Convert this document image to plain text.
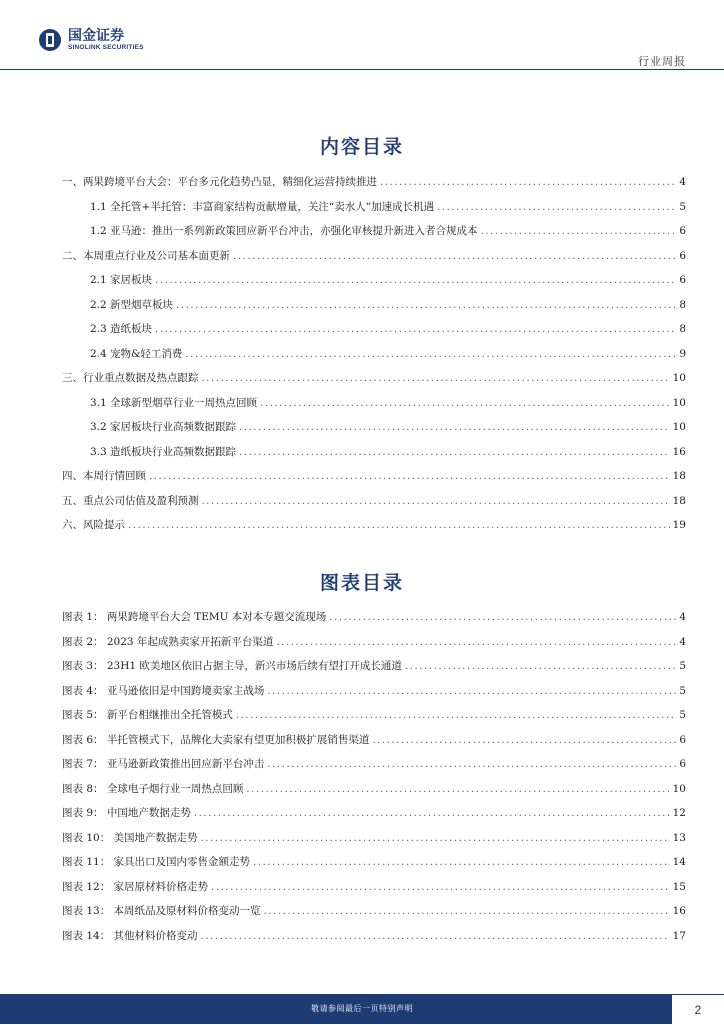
国金证券
SINOLINK SECURITIES
行业周报
内容目录
一、两果跨境平台大会：平台多元化趋势凸显，精细化运营持续推进 .....	4
1.1 全托管+半托管：丰富商家结构贡献增量，关注“卖水人”加速成长机遇 .....	5
1.2 亚马逊：推出一系列新政策回应新平台冲击，亦强化审核提升新进入者合规成本 .....	6
二、本周重点行业及公司基本面更新 .....	6
2.1 家居板块 .....	6
2.2 新型烟草板块 .....	8
2.3 造纸板块 .....	8
2.4 宠物&轻工消费 .....	9
三、行业重点数据及热点跟踪 .....	10
3.1 全球新型烟草行业一周热点回顾 .....	10
3.2 家居板块行业高频数据跟踪 .....	10
3.3 造纸板块行业高频数据跟踪 .....	16
四、本周行情回顾 .....	18
五、重点公司估值及盈利预测 .....	18
六、风险提示 .....	19
图表目录
图表 1： 两果跨境平台大会 TEMU 本对本专题交流现场 .....	4
图表 2： 2023 年起成熟卖家开拓新平台渠道 .....	4
图表 3： 23H1 欧美地区依旧占据主导，新兴市场后续有望打开成长通道 .....	5
图表 4： 亚马逊依旧是中国跨境卖家主战场 .....	5
图表 5： 新平台相继推出全托管模式 .....	5
图表 6： 半托管模式下，品牌化大卖家有望更加积极扩展销售渠道 .....	6
图表 7： 亚马逊新政策推出回应新平台冲击 .....	6
图表 8： 全球电子烟行业一周热点回顾 .....	10
图表 9： 中国地产数据走势 .....	12
图表 10： 美国地产数据走势 .....	13
图表 11： 家具出口及国内零售金额走势 .....	14
图表 12： 家居原材料价格走势 .....	15
图表 13： 本周纸品及原材料价格变动一览 .....	16
图表 14： 其他材料价格变动 .....	17
敬请参阅最后一页特别声明	2
